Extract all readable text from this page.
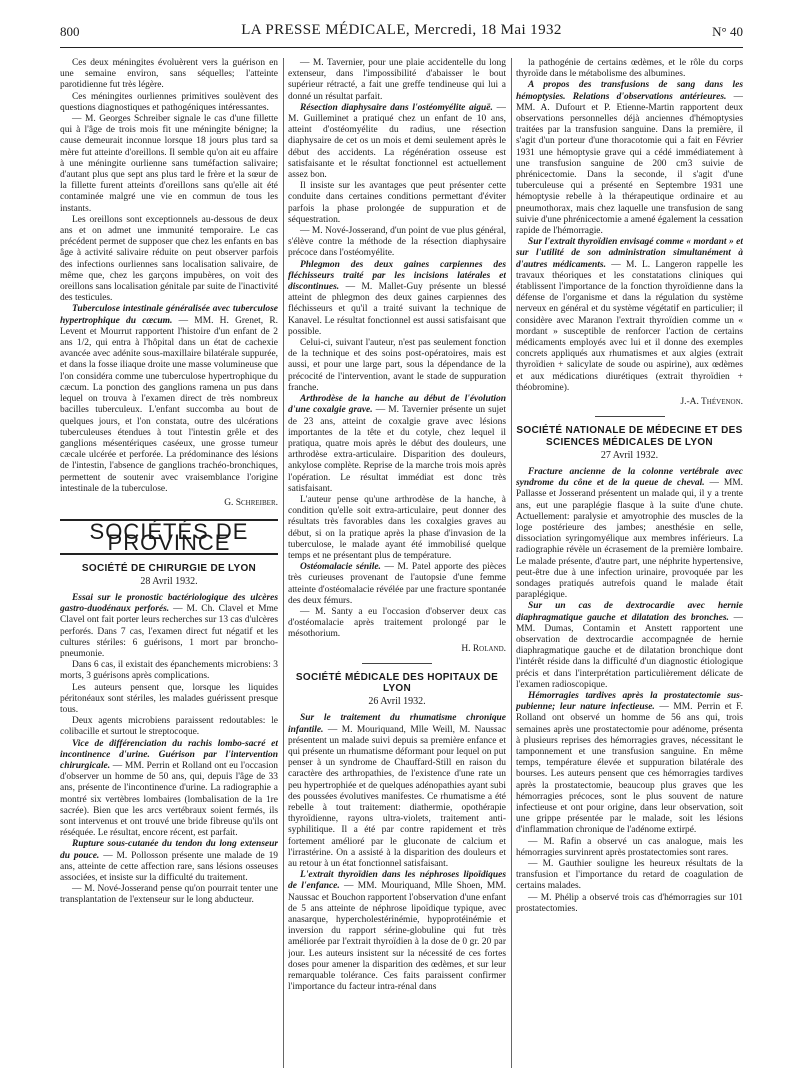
800	LA PRESSE MÉDICALE, Mercredi, 18 Mai 1932	N° 40

Ces deux méningites évoluèrent vers la guérison en une semaine environ, sans séquelles; l'atteinte parotidienne fut très légère.

Ces méningites ourliennes primitives soulèvent des questions diagnostiques et pathogéniques intéressantes.

— M. Georges Schreiber signale le cas d'une fillette qui à l'âge de trois mois fit une méningite bénigne; la cause demeurait inconnue lorsque 18 jours plus tard sa mère fut atteinte d'oreillons. Il semble qu'on ait eu affaire à une méningite ourlienne sans tuméfaction salivaire; d'autant plus que sept ans plus tard le frère et la sœur de la fillette furent atteints d'oreillons sans qu'elle ait été contaminée malgré une vie en commun de tous les instants.

Les oreillons sont exceptionnels au-dessous de deux ans et on admet une immunité temporaire. Le cas précédent permet de supposer que chez les enfants en bas âge à activité salivaire réduite on peut observer parfois des infections ourliennes sans localisation salivaire, de même que, chez les garçons impubères, on voit des oreillons sans localisation génitale par suite de l'inactivité des testicules.

Tuberculose intestinale généralisée avec tuberculose hypertrophique du cæcum. — MM. H. Grenet, R. Levent et Mourrut rapportent l'histoire d'un enfant de 2 ans 1/2, qui entra à l'hôpital dans un état de cachexie avancée avec adénite sous-maxillaire bilatérale suppurée, et dans la fosse iliaque droite une masse volumineuse que l'on considéra comme une tuberculose hypertrophique du cæcum. La ponction des ganglions ramena un pus dans lequel on trouva à l'examen direct de très nombreux bacilles tuberculeux. L'enfant succomba au bout de quelques jours, et l'on constata, outre des ulcérations tuberculeuses étendues à tout l'intestin grêle et des ganglions mésentériques caséeux, une grosse tumeur cæcale ulcérée et perforée. La prédominance des lésions de l'intestin, l'absence de ganglions trachéo-bronchiques, permettent de soutenir avec vraisemblance l'origine intestinale de la tuberculose.

G. Schreiber.
SOCIÉTÉS DE PROVINCE
SOCIÉTÉ DE CHIRURGIE DE LYON
28 Avril 1932.

Essai sur le pronostic bactériologique des ulcères gastro-duodénaux perforés. — M. Ch. Clavel et Mme Clavel ont fait porter leurs recherches sur 13 cas d'ulcères perforés. Dans 7 cas, l'examen direct fut négatif et les cultures stériles: 6 guérisons, 1 mort par broncho-pneumonie.

Dans 6 cas, il existait des épanchements microbiens: 3 morts, 3 guérisons après complications.

Les auteurs pensent que, lorsque les liquides péritonéaux sont stériles, les malades guérissent presque tous.

Deux agents microbiens paraissent redoutables: le colibacille et surtout le streptocoque.

Vice de différenciation du rachis lombo-sacré et incontinence d'urine. Guérison par l'intervention chirurgicale. — MM. Perrin et Rolland ont eu l'occasion d'observer un homme de 50 ans, qui, depuis l'âge de 33 ans, présente de l'incontinence d'urine. La radiographie a montré six vertèbres lombaires (lombalisation de la 1re sacrée). Bien que les arcs vertébraux soient fermés, ils sont intervenus et ont trouvé une bride fibreuse qu'ils ont réséquée. Le résultat, encore récent, est parfait.

Rupture sous-cutanée du tendon du long extenseur du pouce. — M. Pollosson présente une malade de 19 ans, atteinte de cette affection rare, sans lésions osseuses associées, et insiste sur la difficulté du traitement.

— M. Nové-Josserand pense qu'on pourrait tenter une transplantation de l'extenseur sur le long abducteur.

— M. Tavernier, pour une plaie accidentelle du long extenseur, dans l'impossibilité d'abaisser le bout supérieur rétracté, a fait une greffe tendineuse qui lui a donné un résultat parfait.

Résection diaphysaire dans l'ostéomyélite aiguë. — M. Guilleminet a pratiqué chez un enfant de 10 ans, atteint d'ostéomyélite du radius, une résection diaphysaire de cet os un mois et demi seulement après le début des accidents. La régénération osseuse est satisfaisante et le résultat fonctionnel est actuellement assez bon.

Il insiste sur les avantages que peut présenter cette conduite dans certaines conditions permettant d'éviter parfois la phase prolongée de suppuration et de séquestration.

— M. Nové-Josserand, d'un point de vue plus général, s'élève contre la méthode de la résection diaphysaire précoce dans l'ostéomyélite.

Phlegmon des deux gaines carpiennes des fléchisseurs traité par les incisions latérales et discontinues. — M. Mallet-Guy présente un blessé atteint de phlegmon des deux gaines carpiennes des fléchisseurs et qu'il a traité suivant la technique de Kanavel. Le résultat fonctionnel est aussi satisfaisant que possible.

Celui-ci, suivant l'auteur, n'est pas seulement fonction de la technique et des soins post-opératoires, mais est aussi, et pour une large part, sous la dépendance de la précocité de l'intervention, avant le stade de suppuration franche.

Arthrodèse de la hanche au début de l'évolution d'une coxalgie grave. — M. Tavernier présente un sujet de 23 ans, atteint de coxalgie grave avec lésions importantes de la tête et du cotyle, chez lequel il pratiqua, quatre mois après le début des douleurs, une arthrodèse extra-articulaire. Disparition des douleurs, ankylose complète. Reprise de la marche trois mois après l'opération. Le résultat immédiat est donc très satisfaisant.

L'auteur pense qu'une arthrodèse de la hanche, à condition qu'elle soit extra-articulaire, peut donner des résultats très favorables dans les coxalgies graves au début, si on la pratique après la phase d'invasion de la tuberculose, le malade ayant été immobilisé quelque temps et ne présentant plus de température.

Ostéomalacie sénile. — M. Patel apporte des pièces très curieuses provenant de l'autopsie d'une femme atteinte d'ostéomalacie révélée par une fracture spontanée des deux fémurs.

— M. Santy a eu l'occasion d'observer deux cas d'ostéomalacie après traitement prolongé par le mésothorium.

H. Roland.
SOCIÉTÉ MÉDICALE DES HOPITAUX DE LYON
26 Avril 1932.

Sur le traitement du rhumatisme chronique infantile. — M. Mouriquand, Mlle Weill, M. Naussac présentent un malade suivi depuis sa première enfance et qui présente un rhumatisme déformant pour lequel on put penser à un syndrome de Chauffard-Still en raison du caractère des arthropathies, de l'existence d'une rate un peu hypertrophiée et de quelques adénopathies ayant subi des poussées évolutives manifestes. Ce rhumatisme a été rebelle à tout traitement: diathermie, opothérapie thyroïdienne, rayons ultra-violets, traitement anti-syphilitique. Il a été par contre rapidement et très fortement amélioré par le gluconate de calcium et l'irrastérine. On a assisté à la disparition des douleurs et au retour à un état fonctionnel satisfaisant.

L'extrait thyroïdien dans les néphroses lipoïdiques de l'enfance. — MM. Mouriquand, Mlle Shoen, MM. Naussac et Bouchon rapportent l'observation d'une enfant de 5 ans atteinte de néphrose lipoïdique typique, avec anasarque, hypercholestérinémie, hypoprotéinémie et inversion du rapport sérine-globuline qui fut très améliorée par l'extrait thyroïdien à la dose de 0 gr. 20 par jour. Les auteurs insistent sur la nécessité de ces fortes doses pour amener la disparition des œdèmes, et sur leur remarquable tolérance. Ces faits paraissent confirmer l'importance du facteur intra-rénal dans

la pathogénie de certains œdèmes, et le rôle du corps thyroïde dans le métabolisme des albumines.

A propos des transfusions de sang dans les hémoptysies. Relations d'observations antérieures. — MM. A. Dufourt et P. Etienne-Martin rapportent deux observations personnelles déjà anciennes d'hémoptysies traitées par la transfusion sanguine. Dans la première, il s'agit d'un porteur d'une thoracotomie qui a fait en Février 1931 une hémoptysie grave qui a cédé immédiatement à une transfusion sanguine de 200 cm3 suivie de phrénicectomie. Dans la seconde, il s'agit d'une tuberculeuse qui a présenté en Septembre 1931 une hémoptysie rebelle à la thérapeutique ordinaire et au pneumothorax, mais chez laquelle une transfusion de sang suivie d'une phrénicectomie a amené également la cessation rapide de l'hémorragie.

Sur l'extrait thyroïdien envisagé comme « mordant » et sur l'utilité de son administration simultanément à d'autres médicaments. — M. L. Langeron rappelle les travaux théoriques et les constatations cliniques qui établissent l'importance de la fonction thyroïdienne dans la défense de l'organisme et dans la régulation du système nerveux en général et du système végétatif en particulier; il considère avec Maranon l'extrait thyroïdien comme un « mordant » susceptible de renforcer l'action de certains médicaments employés avec lui et il donne des exemples concrets appliqués aux rhumatismes et aux algies (extrait thyroïdien + salicylate de soude ou aspirine), aux œdèmes et aux médications diurétiques (extrait thyroïdien + théobromine).

J.-A. Thévenon.
SOCIÉTÉ NATIONALE DE MÉDECINE ET DES SCIENCES MÉDICALES DE LYON
27 Avril 1932.

Fracture ancienne de la colonne vertébrale avec syndrome du cône et de la queue de cheval. — MM. Pallasse et Josserand présentent un malade qui, il y a trente ans, eut une paraplégie flasque à la suite d'une chute. Actuellement: paralysie et amyotrophie des muscles de la loge postérieure des jambes; anesthésie en selle, dissociation syringomyélique aux membres inférieurs. La radiographie révèle un écrasement de la première lombaire. Le malade présente, d'autre part, une néphrite hypertensive, peut-être due à une infection urinaire, provoquée par les sondages pratiqués autrefois quand le malade était paraplégique.

Sur un cas de dextrocardie avec hernie diaphragmatique gauche et dilatation des bronches. — MM. Dumas, Contamin et Anstett rapportent une observation de dextrocardie accompagnée de hernie diaphragmatique gauche et de dilatation bronchique dont l'intérêt réside dans la difficulté d'un diagnostic étiologique précis et dans l'interprétation particulièrement délicate de l'examen radioscopique.

Hémorragies tardives après la prostatectomie sus-pubienne; leur nature infectieuse. — MM. Perrin et F. Rolland ont observé un homme de 56 ans qui, trois semaines après une prostatectomie pour adénome, présenta à plusieurs reprises des hémorragies graves, nécessitant le tamponnement et une transfusion sanguine. En même temps, température élevée et suppuration bilatérale des bourses. Les auteurs pensent que ces hémorragies tardives après la prostatectomie, beaucoup plus graves que les hémorragies précoces, sont le plus souvent de nature infectieuse et ont pour origine, dans leur observation, soit une grippe présentée par le malade, soit les lésions d'inflammation chronique de l'adénome extirpé.

— M. Rafin a observé un cas analogue, mais les hémorragies survinrent après prostatectomies sont rares.

— M. Gauthier souligne les heureux résultats de la transfusion et l'importance du retard de coagulation de certains malades.

— M. Phélip a observé trois cas d'hémorragies sur 101 prostatectomies.
